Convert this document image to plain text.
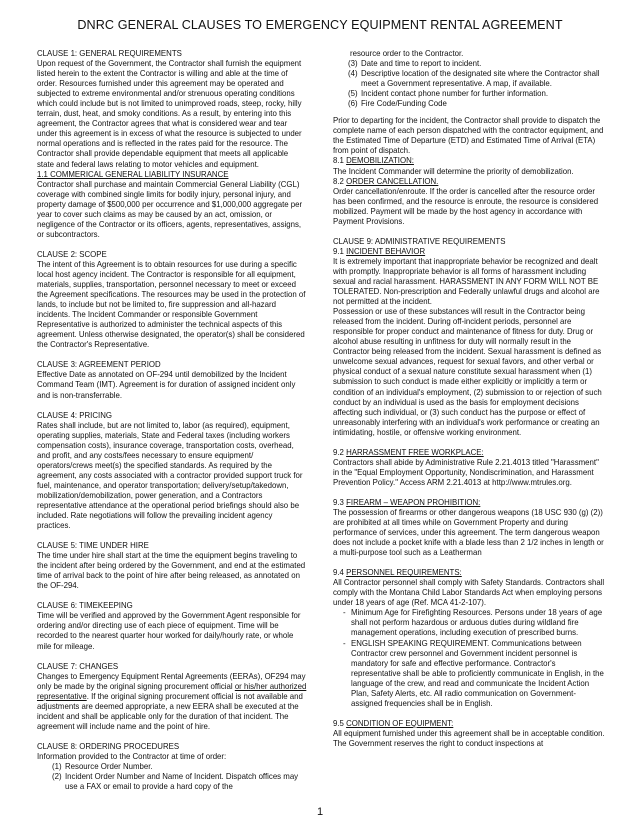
DNRC GENERAL CLAUSES TO EMERGENCY EQUIPMENT RENTAL AGREEMENT

CLAUSE 1: GENERAL REQUIREMENTS

Upon request of the Government, the Contractor shall furnish the equipment listed herein to the extent the Contractor is willing and able at the time of order. Resources furnished under this agreement may be operated and subjected to extreme environmental and/or strenuous operating conditions which could include but is not limited to unimproved roads, steep, rocky, hilly terrain, dust, heat, and smoky conditions. As a result, by entering into this agreement, the Contractor agrees that what is considered wear and tear under this agreement is in excess of what the resource is subjected to under normal operations and is reflected in the rates paid for the resource. The Contractor shall provide dependable equipment that meets all applicable state and federal laws relating to motor vehicles and equipment.

1.1 COMMERICAL GENERAL LIABILITY INSURANCE

Contractor shall purchase and maintain Commercial General Liability (CGL) coverage with combined single limits for bodily injury, personal injury, and property damage of $500,000 per occurrence and $1,000,000 aggregate per year to cover such claims as may be caused by an act, omission, or negligence of the Contractor or its officers, agents, representatives, assigns, or subcontractors.

CLAUSE 2: SCOPE

The intent of this Agreement is to obtain resources for use during a specific local host agency incident. The Contractor is responsible for all equipment, materials, supplies, transportation, personnel necessary to meet or exceed the Agreement specifications. The resources may be used in the protection of lands, to include but not be limited to, fire suppression and all-hazard incidents. The Incident Commander or responsible Government Representative is authorized to administer the technical aspects of this agreement. Unless otherwise designated, the operator(s) shall be considered the Contractor's Representative.

CLAUSE 3: AGREEMENT PERIOD

Effective Date as annotated on OF-294 until demobilized by the Incident Command Team (IMT). Agreement is for duration of assigned incident only and is non-transferrable.

CLAUSE 4: PRICING

Rates shall include, but are not limited to, labor (as required), equipment, operating supplies, materials, State and Federal taxes (including workers compensation costs), insurance coverage, transportation costs, overhead, and profit, and any costs/fees necessary to ensure equipment/ operators/crews meet(s) the specified standards. As required by the agreement, any costs associated with a contractor provided support truck for fuel, maintenance, and operator transportation; delivery/setup/takedown, mobilization/demobilization, power generation, and a Contractors representative attendance at the operational period briefings should also be included. Rate negotiations will follow the prevailing incident agency practices.

CLAUSE 5: TIME UNDER HIRE

The time under hire shall start at the time the equipment begins traveling to the incident after being ordered by the Government, and end at the estimated time of arrival back to the point of hire after being released, as annotated on the OF-294.

CLAUSE 6: TIMEKEEPING

Time will be verified and approved by the Government Agent responsible for ordering and/or directing use of each piece of equipment. Time will be recorded to the nearest quarter hour worked for daily/hourly rate, or whole mile for mileage.

CLAUSE 7: CHANGES

Changes to Emergency Equipment Rental Agreements (EERAs), OF294 may only be made by the original signing procurement official or his/her authorized representative. If the original signing procurement official is not available and adjustments are deemed appropriate, a new EERA shall be executed at the incident and shall be applicable only for the duration of that incident. The agreement will include name and the point of hire.

CLAUSE 8: ORDERING PROCEDURES

Information provided to the Contractor at time of order:

(1) Resource Order Number.
(2) Incident Order Number and Name of Incident. Dispatch offices may use a FAX or email to provide a hard copy of the

resource order to the Contractor.

(3) Date and time to report to incident.
(4) Descriptive location of the designated site where the Contractor shall meet a Government representative. A map, if available.
(5) Incident contact phone number for further information.
(6) Fire Code/Funding Code

Prior to departing for the incident, the Contractor shall provide to dispatch the complete name of each person dispatched with the contractor equipment, and the Estimated Time of Departure (ETD) and Estimated Time of Arrival (ETA) from point of dispatch.

8.1 DEMOBILIZATION:

The Incident Commander will determine the priority of demobilization.

8.2 ORDER CANCELLATION.

Order cancellation/enroute. If the order is cancelled after the resource order has been confirmed, and the resource is enroute, the resource is considered mobilized. Payment will be made by the host agency in accordance with Payment Provisions.

CLAUSE 9: ADMINISTRATIVE REQUIREMENTS

9.1 INCIDENT BEHAVIOR

It is extremely important that inappropriate behavior be recognized and dealt with promptly. Inappropriate behavior is all forms of harassment including sexual and racial harassment. HARASSMENT IN ANY FORM WILL NOT BE TOLERATED. Non-prescription and Federally unlawful drugs and alcohol are not permitted at the incident.

Possession or use of these substances will result in the Contractor being released from the incident. During off-incident periods, personnel are responsible for proper conduct and maintenance of fitness for duty. Drug or alcohol abuse resulting in unfitness for duty will normally result in the Contractor being released from the incident. Sexual harassment is defined as unwelcome sexual advances, request for sexual favors, and other verbal or physical conduct of a sexual nature constitute sexual harassment when (1) submission to such conduct is made either explicitly or implicitly a term or condition of an individual's employment, (2) submission to or rejection of such conduct by an individual is used as the basis for employment decisions affecting such individual, or (3) such conduct has the purpose or effect of unreasonably interfering with an individual's work performance or creating an intimidating, hostile, or offensive working environment.

9.2 HARRASSMENT FREE WORKPLACE:

Contractors shall abide by Administrative Rule 2.21.4013 titled "Harassment" in the "Equal Employment Opportunity, Nondiscrimination, and Harassment Prevention Policy." Access ARM 2.21.4013 at http://www.mtrules.org.

9.3 FIREARM – WEAPON PROHIBITION:

The possession of firearms or other dangerous weapons (18 USC 930 (g) (2)) are prohibited at all times while on Government Property and during performance of services, under this agreement. The term dangerous weapon does not include a pocket knife with a blade less than 2 1/2 inches in length or a multi-purpose tool such as a Leatherman

9.4 PERSONNEL REQUIREMENTS:

All Contractor personnel shall comply with Safety Standards. Contractors shall comply with the Montana Child Labor Standards Act when employing persons under 18 years of age (Ref. MCA 41-2-107).

- Minimum Age for Firefighting Resources. Persons under 18 years of age shall not perform hazardous or arduous duties during wildland fire management operations, including execution of prescribed burns.
- ENGLISH SPEAKING REQUIREMENT. Communications between Contractor crew personnel and Government incident personnel is mandatory for safe and effective performance. Contractor's representative shall be able to proficiently communicate in English, in the language of the crew, and read and communicate the Incident Action Plan, Safety Alerts, etc. All radio communication on Government-assigned frequencies shall be in English.

9.5 CONDITION OF EQUIPMENT:

All equipment furnished under this agreement shall be in acceptable condition. The Government reserves the right to conduct inspections at

1
